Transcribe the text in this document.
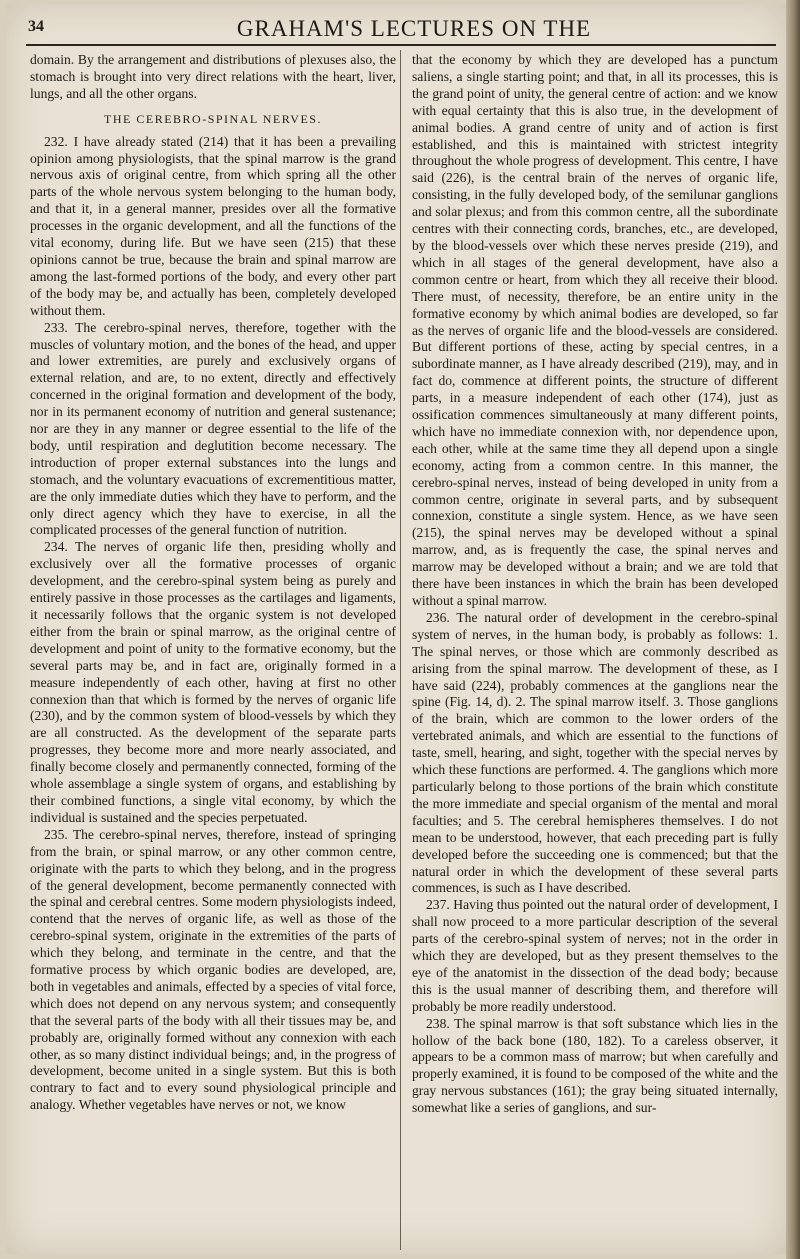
34	GRAHAM'S LECTURES ON THE

domain. By the arrangement and distributions of plexuses also, the stomach is brought into very direct relations with the heart, liver, lungs, and all the other organs.

THE CEREBRO-SPINAL NERVES.

232. I have already stated (214) that it has been a prevailing opinion among physiologists, that the spinal marrow is the grand nervous axis of original centre, from which spring all the other parts of the whole nervous system belonging to the human body, and that it, in a general manner, presides over all the formative processes in the organic development, and all the functions of the vital economy, during life. But we have seen (215) that these opinions cannot be true, because the brain and spinal marrow are among the last-formed portions of the body, and every other part of the body may be, and actually has been, completely developed without them.

233. The cerebro-spinal nerves, therefore, together with the muscles of voluntary motion, and the bones of the head, and upper and lower extremities, are purely and exclusively organs of external relation, and are, to no extent, directly and effectively concerned in the original formation and development of the body, nor in its permanent economy of nutrition and general sustenance; nor are they in any manner or degree essential to the life of the body, until respiration and deglutition become necessary. The introduction of proper external substances into the lungs and stomach, and the voluntary evacuations of excrementitious matter, are the only immediate duties which they have to perform, and the only direct agency which they have to exercise, in all the complicated processes of the general function of nutrition.

234. The nerves of organic life then, presiding wholly and exclusively over all the formative processes of organic development, and the cerebro-spinal system being as purely and entirely passive in those processes as the cartilages and ligaments, it necessarily follows that the organic system is not developed either from the brain or spinal marrow, as the original centre of development and point of unity to the formative economy, but the several parts may be, and in fact are, originally formed in a measure independently of each other, having at first no other connexion than that which is formed by the nerves of organic life (230), and by the common system of blood-vessels by which they are all constructed. As the development of the separate parts progresses, they become more and more nearly associated, and finally become closely and permanently connected, forming of the whole assemblage a single system of organs, and establishing by their combined functions, a single vital economy, by which the individual is sustained and the species perpetuated.

235. The cerebro-spinal nerves, therefore, instead of springing from the brain, or spinal marrow, or any other common centre, originate with the parts to which they belong, and in the progress of the general development, become permanently connected with the spinal and cerebral centres. Some modern physiologists indeed, contend that the nerves of organic life, as well as those of the cerebro-spinal system, originate in the extremities of the parts of which they belong, and terminate in the centre, and that the formative process by which organic bodies are developed, are, both in vegetables and animals, effected by a species of vital force, which does not depend on any nervous system; and consequently that the several parts of the body with all their tissues may be, and probably are, originally formed without any connexion with each other, as so many distinct individual beings; and, in the progress of development, become united in a single system. But this is both contrary to fact and to every sound physiological principle and analogy. Whether vegetables have nerves or not, we know

that the economy by which they are developed has a punctum saliens, a single starting point; and that, in all its processes, this is the grand point of unity, the general centre of action: and we know with equal certainty that this is also true, in the development of animal bodies. A grand centre of unity and of action is first established, and this is maintained with strictest integrity throughout the whole progress of development. This centre, I have said (226), is the central brain of the nerves of organic life, consisting, in the fully developed body, of the semilunar ganglions and solar plexus; and from this common centre, all the subordinate centres with their connecting cords, branches, etc., are developed, by the blood-vessels over which these nerves preside (219), and which in all stages of the general development, have also a common centre or heart, from which they all receive their blood. There must, of necessity, therefore, be an entire unity in the formative economy by which animal bodies are developed, so far as the nerves of organic life and the blood-vessels are considered. But different portions of these, acting by special centres, in a subordinate manner, as I have already described (219), may, and in fact do, commence at different points, the structure of different parts, in a measure independent of each other (174), just as ossification commences simultaneously at many different points, which have no immediate connexion with, nor dependence upon, each other, while at the same time they all depend upon a single economy, acting from a common centre. In this manner, the cerebro-spinal nerves, instead of being developed in unity from a common centre, originate in several parts, and by subsequent connexion, constitute a single system. Hence, as we have seen (215), the spinal nerves may be developed without a spinal marrow, and, as is frequently the case, the spinal nerves and marrow may be developed without a brain; and we are told that there have been instances in which the brain has been developed without a spinal marrow.

236. The natural order of development in the cerebro-spinal system of nerves, in the human body, is probably as follows: 1. The spinal nerves, or those which are commonly described as arising from the spinal marrow. The development of these, as I have said (224), probably commences at the ganglions near the spine (Fig. 14, d). 2. The spinal marrow itself. 3. Those ganglions of the brain, which are common to the lower orders of the vertebrated animals, and which are essential to the functions of taste, smell, hearing, and sight, together with the special nerves by which these functions are performed. 4. The ganglions which more particularly belong to those portions of the brain which constitute the more immediate and special organism of the mental and moral faculties; and 5. The cerebral hemispheres themselves. I do not mean to be understood, however, that each preceding part is fully developed before the succeeding one is commenced; but that the natural order in which the development of these several parts commences, is such as I have described.

237. Having thus pointed out the natural order of development, I shall now proceed to a more particular description of the several parts of the cerebro-spinal system of nerves; not in the order in which they are developed, but as they present themselves to the eye of the anatomist in the dissection of the dead body; because this is the usual manner of describing them, and therefore will probably be more readily understood.

238. The spinal marrow is that soft substance which lies in the hollow of the back bone (180, 182). To a careless observer, it appears to be a common mass of marrow; but when carefully and properly examined, it is found to be composed of the white and the gray nervous substances (161); the gray being situated internally, somewhat like a series of ganglions, and sur-
